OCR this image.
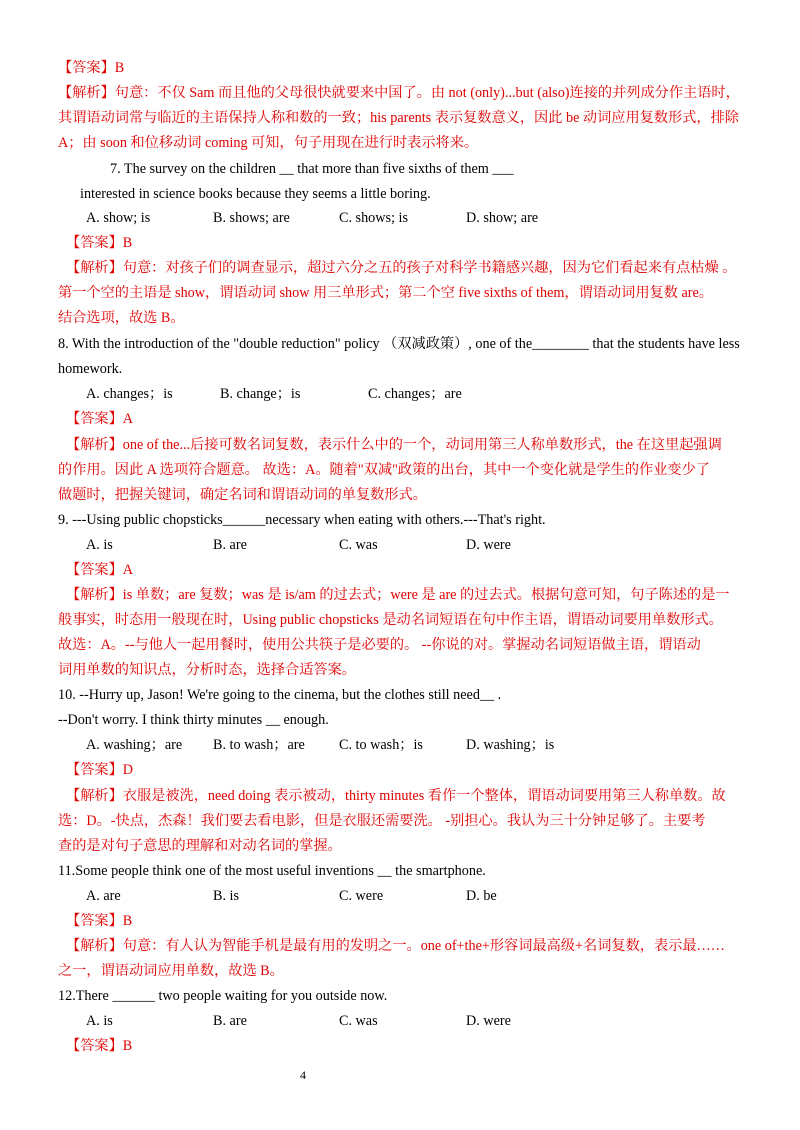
【答案】B
【解析】句意：不仅 Sam 而且他的父母很快就要来中国了。由 not (only)...but (also)连接的并列成分作主语时，
其谓语动词常与临近的主语保持人称和数的一致；his parents 表示复数意义，因此 be 动词应用复数形式，排除
A；由 soon 和位移动词 coming 可知，句子用现在进行时表示将来。
7. The survey on the children __ that more than five sixths of them ___
interested in science books because they seems a little boring.
A. show; is	B. shows; are	C. shows; is	D. show; are
【答案】B
【解析】句意：对孩子们的调查显示，超过六分之五的孩子对科学书籍感兴趣，因为它们看起来有点枯燥 。
第一个空的主语是 show，谓语动词 show 用三单形式；第二个空 five sixths of them，谓语动词用复数 are。
结合选项，故选 B。
8. With the introduction of the "double reduction" policy （双减政策）, one of the________ that the students have less
homework.
A. changes；is	B. change；is	C. changes；are
【答案】A
【解析】one of the...后接可数名词复数，表示什么中的一个，动词用第三人称单数形式，the 在这里起强调
的作用。因此 A 选项符合题意。 故选：A。随着"双减"政策的出台，其中一个变化就是学生的作业变少了
做题时，把握关键词，确定名词和谓语动词的单复数形式。
9. ---Using public chopsticks______necessary when eating with others.---That's right.
A. is	B. are	C. was	D. were
【答案】A
【解析】is 单数；are 复数；was 是 is/am 的过去式；were 是 are 的过去式。根据句意可知，句子陈述的是一
般事实，时态用一般现在时，Using public chopsticks 是动名词短语在句中作主语，谓语动词要用单数形式。
故选：A。--与他人一起用餐时，使用公共筷子是必要的。 --你说的对。掌握动名词短语做主语，谓语动
词用单数的知识点，分析时态，选择合适答案。
10. --Hurry up, Jason! We're going to the cinema, but the clothes still need__ .
--Don't worry. I think thirty minutes __ enough.
A. washing；are B. to wash；are C. to wash；is	D. washing；is
【答案】D
【解析】衣服是被洗，need doing 表示被动，thirty minutes 看作一个整体，谓语动词要用第三人称单数。故
选：D。-快点，杰森！我们要去看电影，但是衣服还需要洗。 -别担心。我认为三十分钟足够了。主要考
查的是对句子意思的理解和对动名词的掌握。
11.Some people think one of the most useful inventions __ the smartphone.
A. are	B. is	C. were	D. be
【答案】B
【解析】句意：有人认为智能手机是最有用的发明之一。one of+the+形容词最高级+名词复数，表示最……
之一，谓语动词应用单数，故选 B。
12.There ______ two people waiting for you outside now.
A. is	B. are	C. was	D. were
【答案】B
4
